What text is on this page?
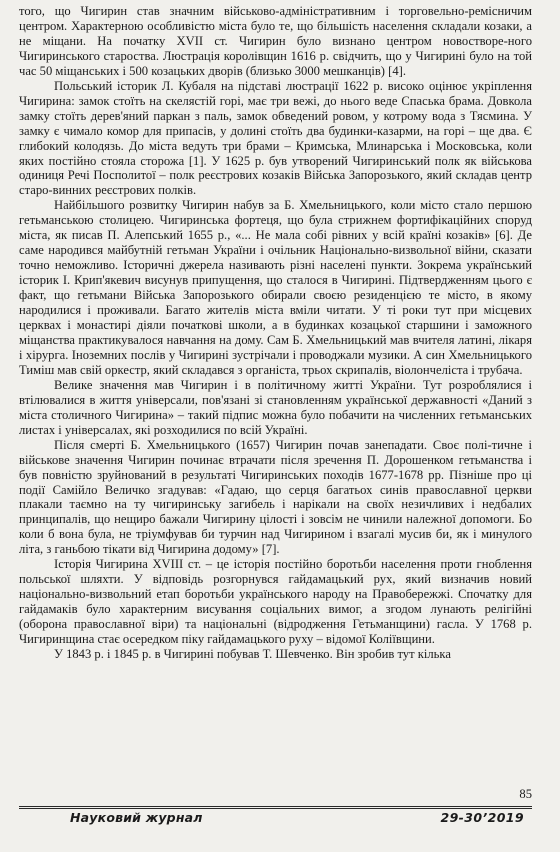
того, що Чигирин став значним військово-адміністративним і торговельно-ремісничим центром. Характерною особливістю міста було те, що більшість населення складали козаки, а не міщани. На початку XVII ст. Чигирин було визнано центром новостворе-ного Чигиринського староства. Люстрація королівщин 1616 р. свідчить, що у Чигирині було на той час 50 міщанських і 500 козацьких дворів (близько 3000 мешканців) [4].

Польський історик Л. Кубаля на підставі люстрації 1622 р. високо оцінює укріплення Чигирина: замок стоїть на скелястій горі, має три вежі, до нього веде Спаська брама. Довкола замку стоїть дерев'яний паркан з паль, замок обведений ровом, у котрому вода з Тясмина. У замку є чимало комор для припасів, у долині стоїть два будинки-казарми, на горі – ще два. Є глибокий колодязь. До міста ведуть три брами – Кримська, Млинарська і Московська, коли яких постійно стояла сторожа [1]. У 1625 р. був утворений Чигиринський полк як військова одиниця Речі Посполитої – полк реєстрових козаків Війська Запорозького, який складав центр старо-винних реєстрових полків.

Найбільшого розвитку Чигирин набув за Б. Хмельницького, коли місто стало першою гетьманською столицею. Чигиринська фортеця, що була стрижнем фортифікаційних споруд міста, як писав П. Алепський 1655 р., «... Не мала собі рівних у всій країні козаків» [6]. Де саме народився майбутній гетьман України і очільник Національно-визвольної війни, сказати точно неможливо. Історичні джерела називають різні населені пункти. Зокрема український історик І. Крип'якевич висунув припущення, що сталося в Чигирині. Підтвердженням цього є факт, що гетьмани Війська Запорозького обирали своєю резиденцією те місто, в якому народилися і проживали. Багато жителів міста вміли читати. У ті роки тут при місцевих церквах і монастирі діяли початкові школи, а в будинках козацької старшини і заможного міщанства практикувалося навчання на дому. Сам Б. Хмельницький мав вчителя латині, лікаря і хірурга. Іноземних послів у Чигирині зустрічали і проводжали музики. А син Хмельницького Тиміш мав свій оркестр, який складався з органіста, трьох скрипалів, віолончеліста і трубача.

Велике значення мав Чигирин і в політичному житті України. Тут розроблялися і втілювалися в життя універсали, пов'язані зі становленням української державності «Даний з міста столичного Чигирина» – такий підпис можна було побачити на численних гетьманських листах і універсалах, які розходилися по всій Україні.

Після смерті Б. Хмельницького (1657) Чигирин почав занепадати. Своє полі-тичне і військове значення Чигирин починає втрачати після зречення П. Дорошенком гетьманства і був повністю зруйнований в результаті Чигиринських походів 1677-1678 рр. Пізніше про ці події Самійло Величко згадував: «Гадаю, що серця багатьох синів православної церкви плакали таємно на ту чигиринську загибель і нарікали на своїх незичливих і недбалих принципалів, що нещиро бажали Чигирину цілості і зовсім не чинили належної допомоги. Бо коли б вона була, не тріумфував би турчин над Чигирином і взагалі мусив би, як і минулого літа, з ганьбою тікати від Чигирина додому» [7].

Історія Чигирина XVIII ст. – це історія постійно боротьби населення проти гноблення польської шляхти. У відповідь розгорнувся гайдамацький рух, який визначив новий національно-визвольний етап боротьби українського народу на Правобережжі. Спочатку для гайдамаків було характерним висування соціальних вимог, а згодом лунають релігійні (оборона православної віри) та національні (відродження Гетьманщини) гасла. У 1768 р. Чигиринщина стає осередком піку гайдамацького руху – відомої Коліївщини.

У 1843 р. і 1845 р. в Чигирині побував Т. Шевченко. Він зробив тут кілька

85
Науковий журнал	29-30’2019
